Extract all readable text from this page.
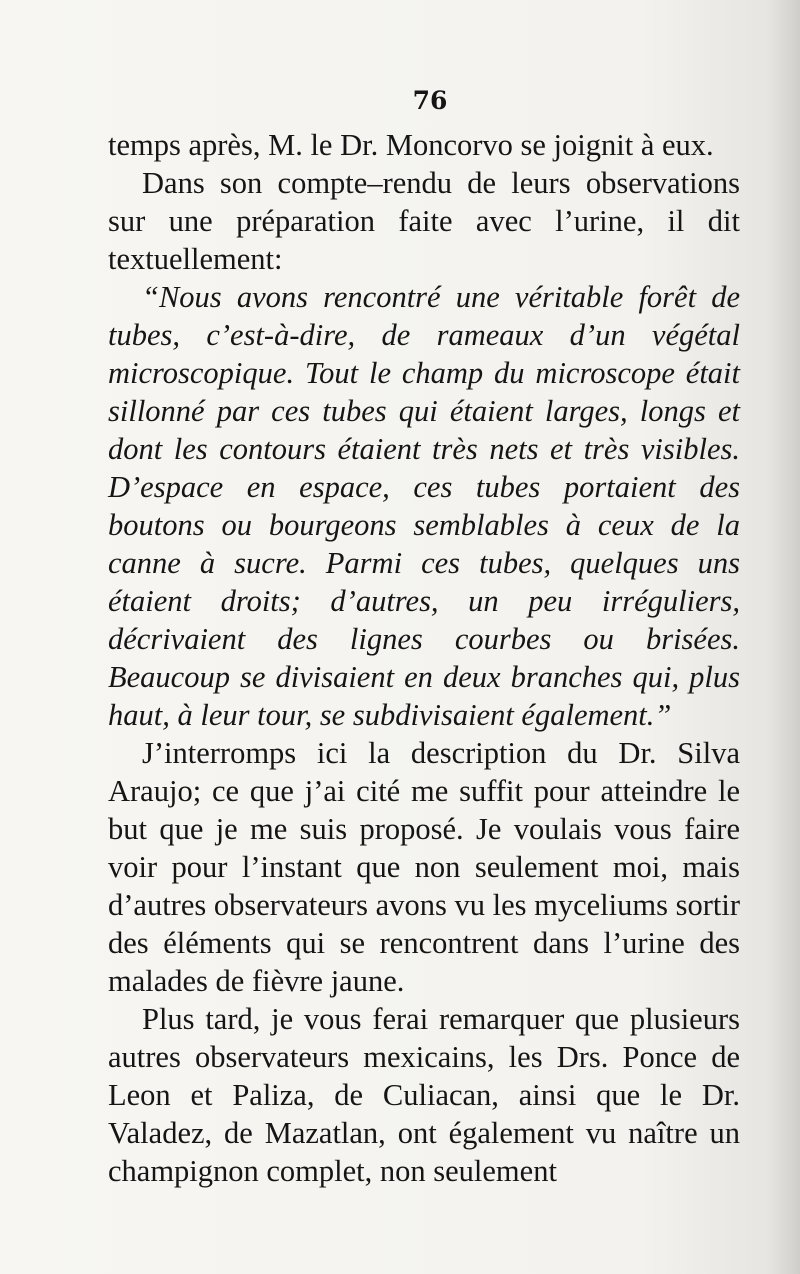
76

temps après, M. le Dr. Moncorvo se joignit à eux.

Dans son compte–rendu de leurs observations sur une préparation faite avec l’urine, il dit textuellement:

“Nous avons rencontré une véritable forêt de tubes, c’est-à-dire, de rameaux d’un végétal microscopique. Tout le champ du microscope était sillonné par ces tubes qui étaient larges, longs et dont les contours étaient très nets et très visibles. D’espace en espace, ces tubes portaient des boutons ou bourgeons semblables à ceux de la canne à sucre. Parmi ces tubes, quelques uns étaient droits; d’autres, un peu irréguliers, décrivaient des lignes courbes ou brisées. Beaucoup se divisaient en deux branches qui, plus haut, à leur tour, se subdivisaient également.”

J’interromps ici la description du Dr. Silva Araujo; ce que j’ai cité me suffit pour atteindre le but que je me suis proposé. Je voulais vous faire voir pour l’instant que non seulement moi, mais d’autres observateurs avons vu les myceliums sortir des éléments qui se rencontrent dans l’urine des malades de fièvre jaune.

Plus tard, je vous ferai remarquer que plusieurs autres observateurs mexicains, les Drs. Ponce de Leon et Paliza, de Culiacan, ainsi que le Dr. Valadez, de Mazatlan, ont également vu naître un champignon complet, non seulement
